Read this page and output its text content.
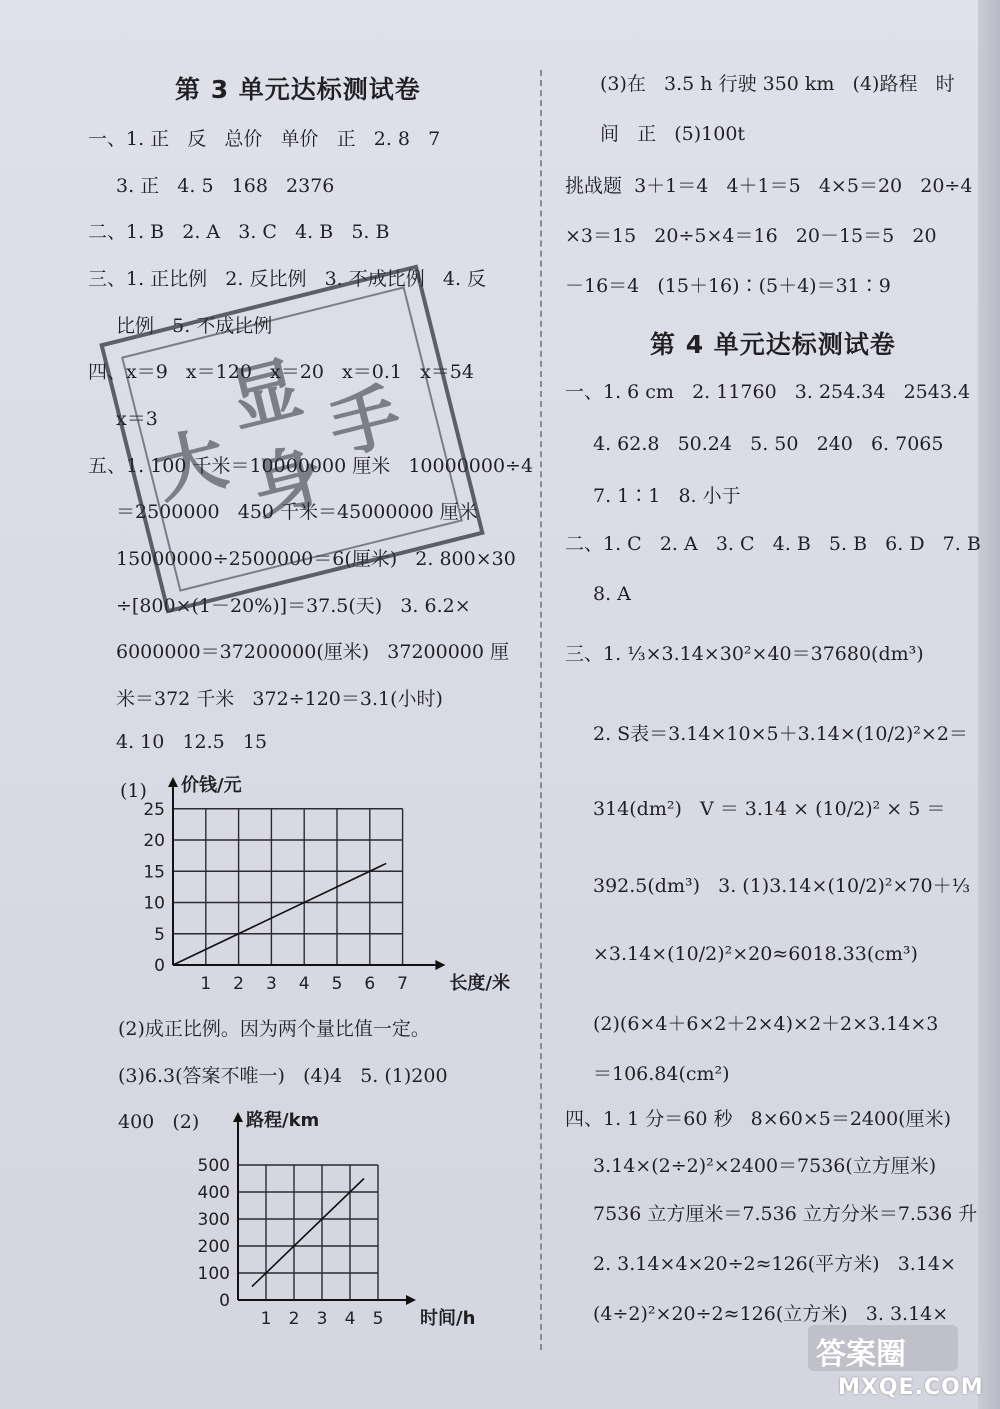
第 3 单元达标测试卷
一、1. 正   反   总价   单价   正   2. 8   7
3. 正   4. 5   168   2376
二、1. B   2. A   3. C   4. B   5. B
三、1. 正比例   2. 反比例   3. 不成比例   4. 反
比例   5. 不成比例
四、x＝9   x＝120   x＝20   x＝0.1   x＝54
x＝3
五、1. 100 千米＝10000000 厘米   10000000÷4
＝2500000   450 千米＝45000000 厘米
15000000÷2500000＝6(厘米)   2. 800×30
÷[800×(1－20%)]＝37.5(天)   3. 6.2×
6000000＝37200000(厘米)   37200000 厘
米＝372 千米   372÷120＝3.1(小时)
4. 10   12.5   15
(1)
1 2 3 4 5 6 7
0
5
10
15
20
25
价钱/元
长度/米
(2)成正比例。因为两个量比值一定。
(3)6.3(答案不唯一)   (4)4   5. (1)200
400   (2)
1 2 3 4 5
0
100
200
300
400
500
路程/km
时间/h
大
显
身
手
(3)在   3.5 h 行驶 350 km   (4)路程   时
间   正   (5)100t
挑战题  3＋1＝4   4＋1＝5   4×5＝20   20÷4
×3＝15   20÷5×4＝16   20－15＝5   20
－16＝4   (15＋16)∶(5＋4)＝31∶9
第 4 单元达标测试卷
一、1. 6 cm   2. 11760   3. 254.34   2543.4
4. 62.8   50.24   5. 50   240   6. 7065
7. 1∶1   8. 小于
二、1. C   2. A   3. C   4. B   5. B   6. D   7. B
8. A
三、1. ⅓×3.14×30²×40＝37680(dm³)
2. S表＝3.14×10×5＋3.14×(10/2)²×2＝
314(dm²)   V ＝ 3.14 × (10/2)² × 5 ＝
392.5(dm³)   3. (1)3.14×(10/2)²×70＋⅓
×3.14×(10/2)²×20≈6018.33(cm³)
(2)(6×4＋6×2＋2×4)×2＋2×3.14×3
＝106.84(cm²)
四、1. 1 分＝60 秒   8×60×5＝2400(厘米)
3.14×(2÷2)²×2400＝7536(立方厘米)
7536 立方厘米＝7.536 立方分米＝7.536 升
2. 3.14×4×20÷2≈126(平方米)   3.14×
(4÷2)²×20÷2≈126(立方米)   3. 3.14×
答案圈
MXQE.COM
